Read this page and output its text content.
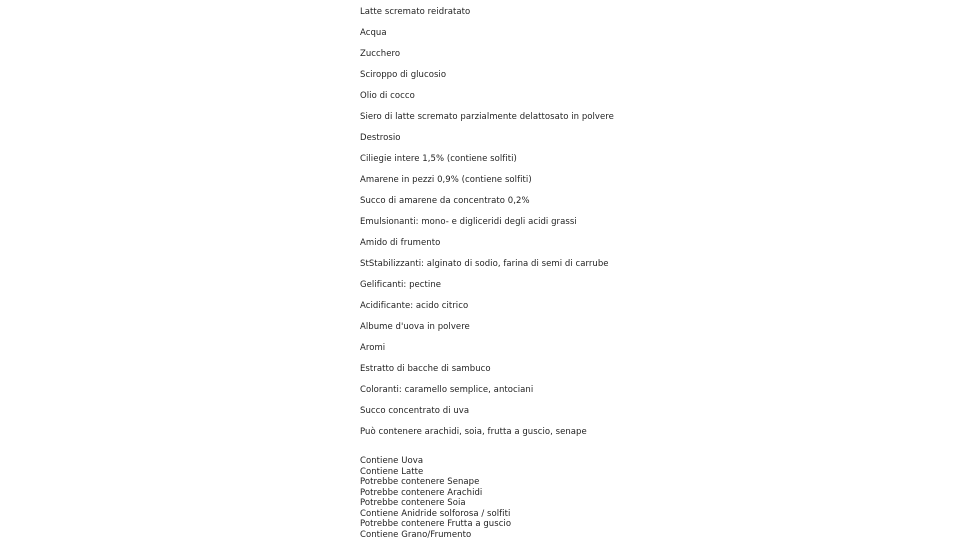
Latte scremato reidratato
Acqua
Zucchero
Sciroppo di glucosio
Olio di cocco
Siero di latte scremato parzialmente delattosato in polvere
Destrosio
Ciliegie intere 1,5% (contiene solfiti)
Amarene in pezzi 0,9% (contiene solfiti)
Succo di amarene da concentrato 0,2%
Emulsionanti: mono- e digliceridi degli acidi grassi
Amido di frumento
StStabilizzanti: alginato di sodio, farina di semi di carrube
Gelificanti: pectine
Acidificante: acido citrico
Albume d'uova in polvere
Aromi
Estratto di bacche di sambuco
Coloranti: caramello semplice, antociani
Succo concentrato di uva
Può contenere arachidi, soia, frutta a guscio, senape
Contiene Uova
Contiene Latte
Potrebbe contenere Senape
Potrebbe contenere Arachidi
Potrebbe contenere Soia
Contiene Anidride solforosa / solfiti
Potrebbe contenere Frutta a guscio
Contiene Grano/Frumento
